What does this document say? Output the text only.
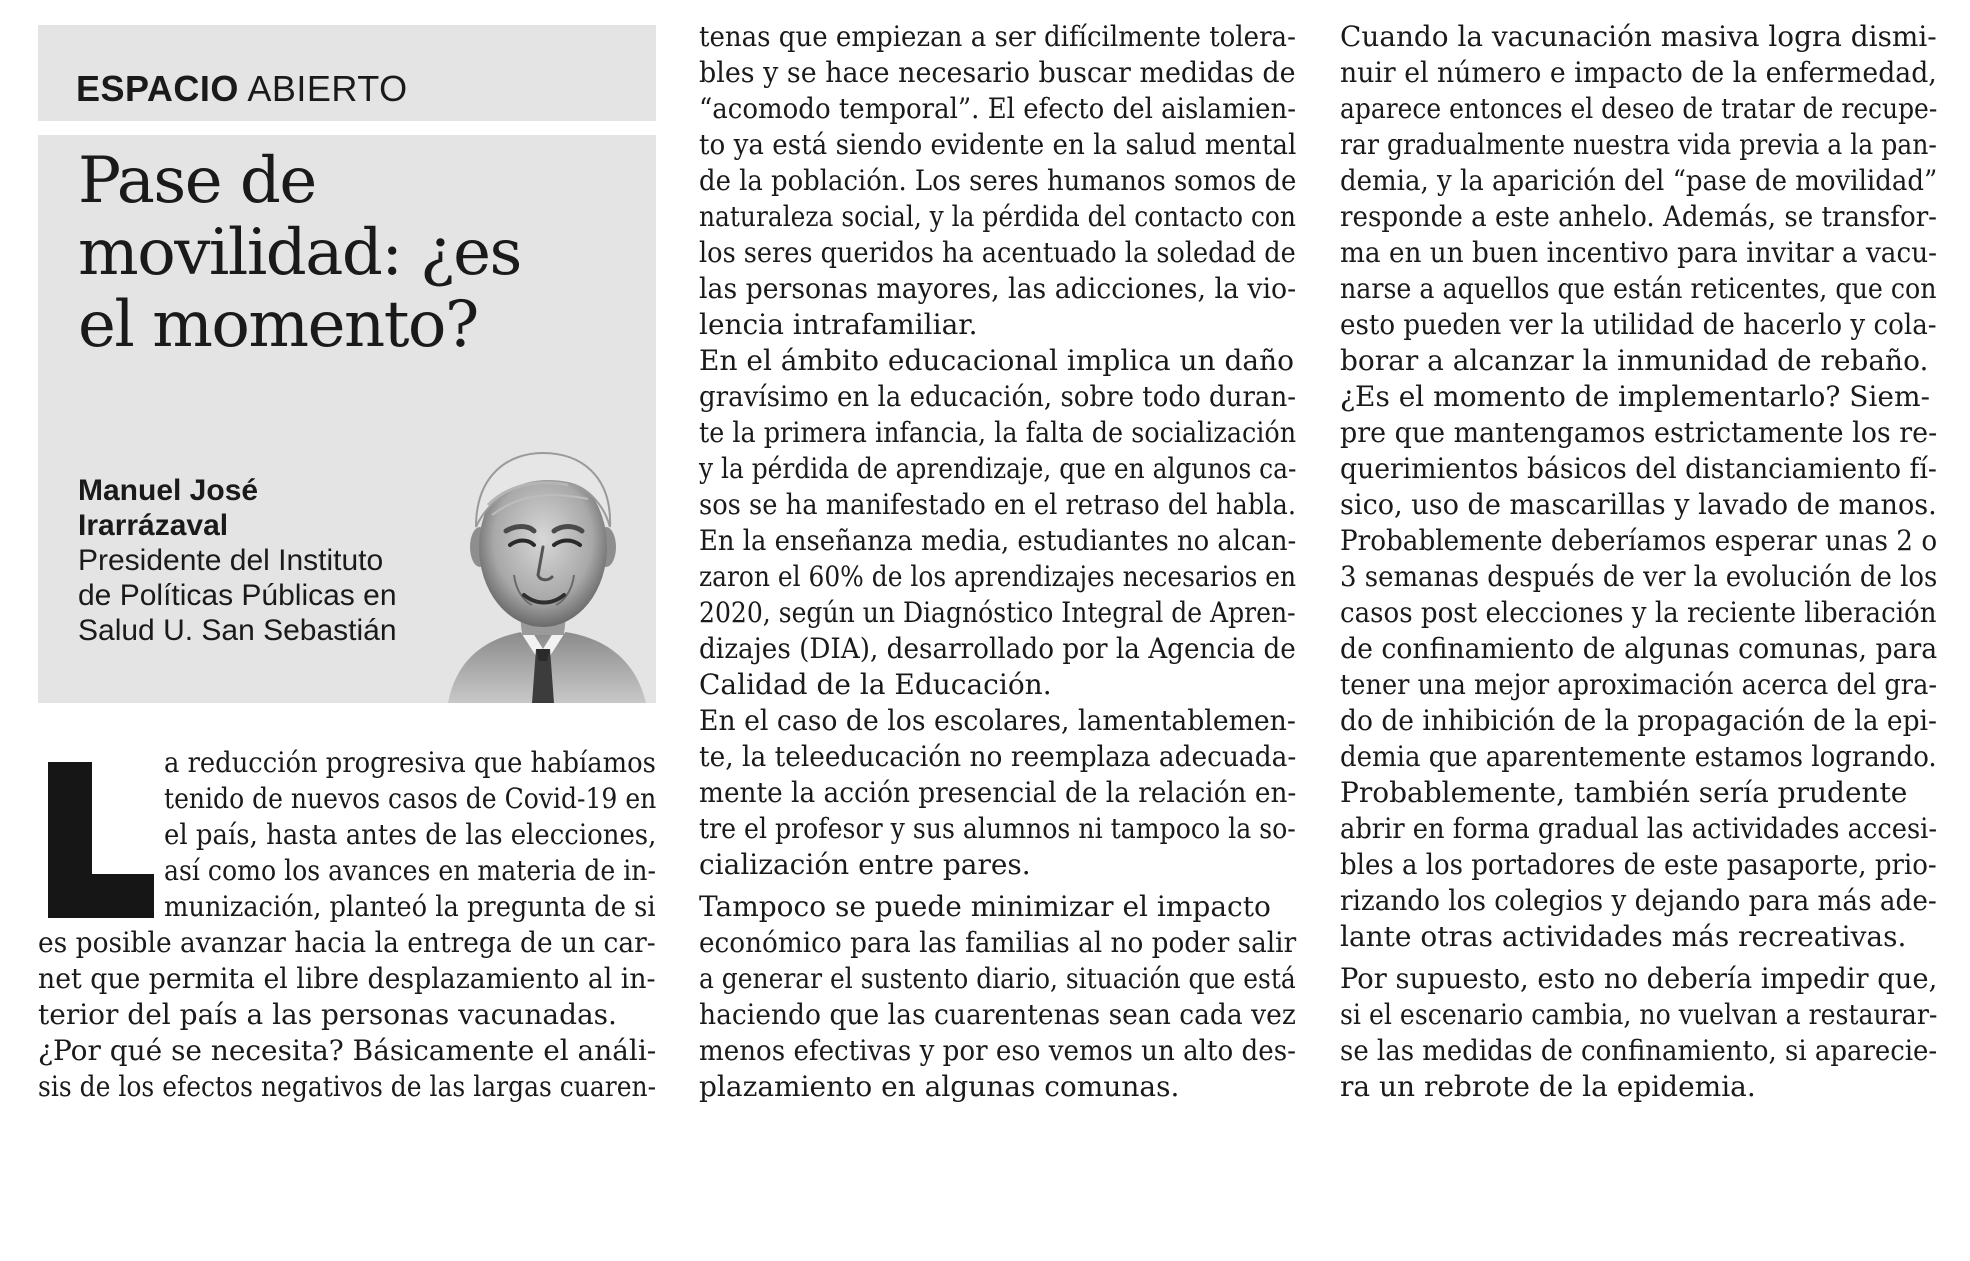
ESPACIO ABIERTO
Pase de
movilidad: ¿es
el momento?
Manuel José
Irarrázaval
Presidente del Instituto
de Políticas Públicas en
Salud U. San Sebastián
a reducción progresiva que habíamos
tenido de nuevos casos de Covid-19 en
el país, hasta antes de las elecciones,
así como los avances en materia de in-
munización, planteó la pregunta de si
es posible avanzar hacia la entrega de un car-
net que permita el libre desplazamiento al in-
terior del país a las personas vacunadas.
¿Por qué se necesita? Básicamente el análi-
sis de los efectos negativos de las largas cuaren-
tenas que empiezan a ser difícilmente tolera-
bles y se hace necesario buscar medidas de
“acomodo temporal”. El efecto del aislamien-
to ya está siendo evidente en la salud mental
de la población. Los seres humanos somos de
naturaleza social, y la pérdida del contacto con
los seres queridos ha acentuado la soledad de
las personas mayores, las adicciones, la vio-
lencia intrafamiliar.
En el ámbito educacional implica un daño
gravísimo en la educación, sobre todo duran-
te la primera infancia, la falta de socialización
y la pérdida de aprendizaje, que en algunos ca-
sos se ha manifestado en el retraso del habla.
En la enseñanza media, estudiantes no alcan-
zaron el 60% de los aprendizajes necesarios en
2020, según un Diagnóstico Integral de Apren-
dizajes (DIA), desarrollado por la Agencia de
Calidad de la Educación.
En el caso de los escolares, lamentablemen-
te, la teleeducación no reemplaza adecuada-
mente la acción presencial de la relación en-
tre el profesor y sus alumnos ni tampoco la so-
cialización entre pares.
Tampoco se puede minimizar el impacto
económico para las familias al no poder salir
a generar el sustento diario, situación que está
haciendo que las cuarentenas sean cada vez
menos efectivas y por eso vemos un alto des-
plazamiento en algunas comunas.
Cuando la vacunación masiva logra dismi-
nuir el número e impacto de la enfermedad,
aparece entonces el deseo de tratar de recupe-
rar gradualmente nuestra vida previa a la pan-
demia, y la aparición del “pase de movilidad”
responde a este anhelo. Además, se transfor-
ma en un buen incentivo para invitar a vacu-
narse a aquellos que están reticentes, que con
esto pueden ver la utilidad de hacerlo y cola-
borar a alcanzar la inmunidad de rebaño.
¿Es el momento de implementarlo? Siem-
pre que mantengamos estrictamente los re-
querimientos básicos del distanciamiento fí-
sico, uso de mascarillas y lavado de manos.
Probablemente deberíamos esperar unas 2 o
3 semanas después de ver la evolución de los
casos post elecciones y la reciente liberación
de confinamiento de algunas comunas, para
tener una mejor aproximación acerca del gra-
do de inhibición de la propagación de la epi-
demia que aparentemente estamos logrando.
Probablemente, también sería prudente
abrir en forma gradual las actividades accesi-
bles a los portadores de este pasaporte, prio-
rizando los colegios y dejando para más ade-
lante otras actividades más recreativas.
Por supuesto, esto no debería impedir que,
si el escenario cambia, no vuelvan a restaurar-
se las medidas de confinamiento, si aparecie-
ra un rebrote de la epidemia.
